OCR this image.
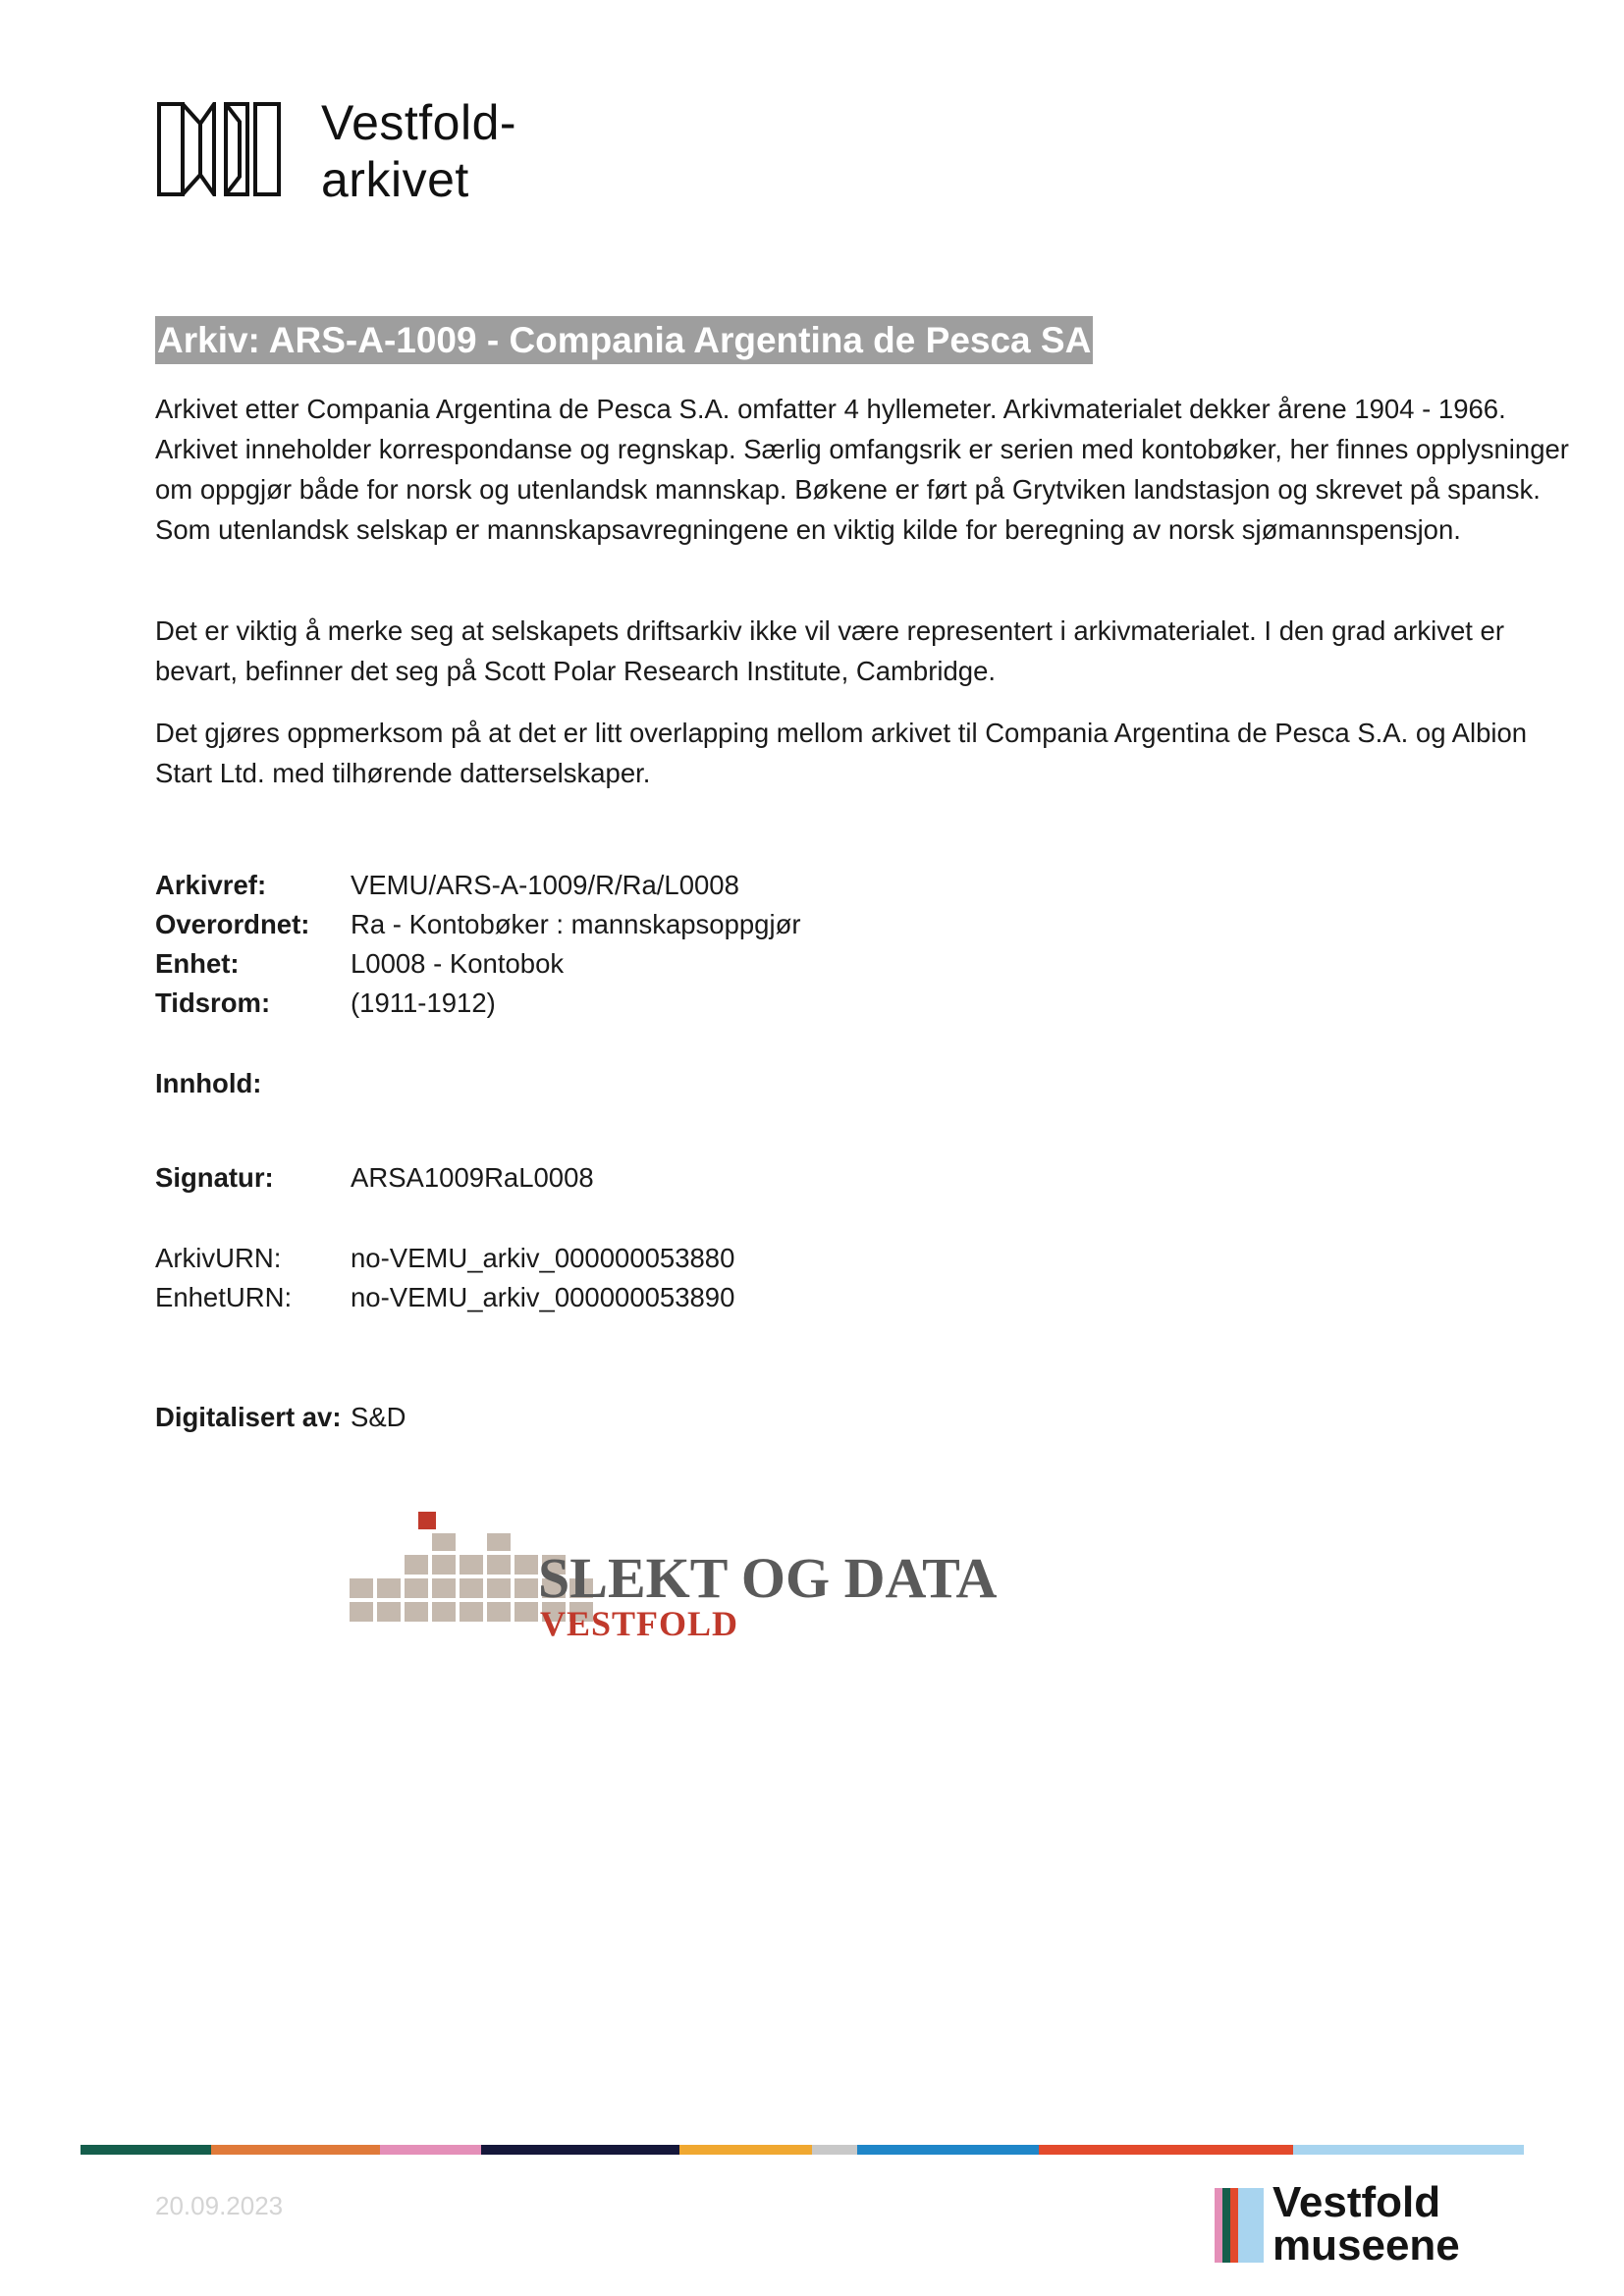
Vestfold-
arkivet
Arkiv: ARS-A-1009 - Compania Argentina de Pesca SA
Arkivet etter Compania Argentina de Pesca S.A. omfatter 4 hyllemeter. Arkivmaterialet dekker årene 1904 - 1966. Arkivet inneholder korrespondanse og regnskap. Særlig omfangsrik er serien med kontobøker, her finnes opplysninger om oppgjør både for norsk og utenlandsk mannskap. Bøkene er ført på Grytviken landstasjon og skrevet på spansk. Som utenlandsk selskap er mannskapsavregningene en viktig kilde for beregning av norsk sjømannspensjon.
Det er viktig å merke seg at selskapets driftsarkiv ikke vil være representert i arkivmaterialet. I den grad arkivet er bevart, befinner det seg på Scott Polar Research Institute, Cambridge.
Det gjøres oppmerksom på at det er litt overlapping mellom arkivet til Compania Argentina de Pesca S.A. og Albion Start Ltd. med tilhørende datterselskaper.
Arkivref:	VEMU/ARS-A-1009/R/Ra/L0008
Overordnet: Ra - Kontobøker : mannskapsoppgjør
Enhet:	L0008 - Kontobok
Tidsrom:	(1911-1912)
Innhold:
Signatur:	ARSA1009RaL0008
ArkivURN:	no-VEMU_arkiv_000000053880
EnhetURN: no-VEMU_arkiv_000000053890
Digitalisert av: S&D
SLEKT OG DATA
VESTFOLD
20.09.2023	Vestfold
museene
